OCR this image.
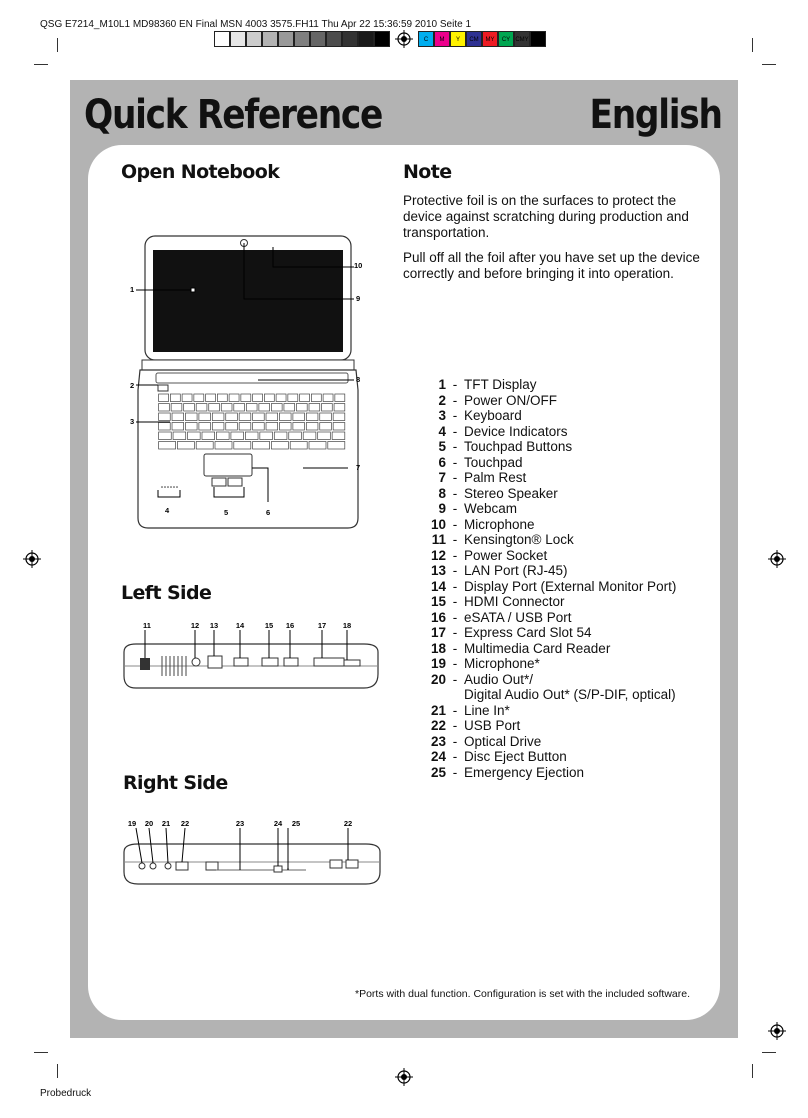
QSG E7214_M10L1 MD98360 EN Final MSN 4003 3575.FH11 Thu Apr 22 15:36:59 2010 Seite 1
C	M	Y	CM	MY	CY CMY	K
Probedruck
Quick Reference	English
Open Notebook	Note
Left Side
Right Side
Protective foil is on the surfaces to protect the device against scratching during production and transportation.
Pull off all the foil after you have set up the device correctly and before bringing it into operation.
1
2
3
4	5	6
7
8
9
10
11	12 13 14	15 16	17 18
19 20 21 22	23	24 25	22
1 - TFT Display
2 - Power ON/OFF
3 - Keyboard
4 - Device Indicators
5 - Touchpad Buttons
6 - Touchpad
7 - Palm Rest
8 - Stereo Speaker
9 - Webcam
10 - Microphone
11 - Kensington® Lock
12 - Power Socket
13 - LAN Port (RJ-45)
14 - Display Port (External Monitor Port)
15 - HDMI Connector
16 - eSATA / USB Port
17 - Express Card Slot 54
18 - Multimedia Card Reader
19 - Microphone*
20 - Audio Out*/
Digital Audio Out* (S/P-DIF, optical)
21 - Line In*
22 - USB Port
23 - Optical Drive
24 - Disc Eject Button
25 - Emergency Ejection
*Ports with dual function. Configuration is set with the included software.
